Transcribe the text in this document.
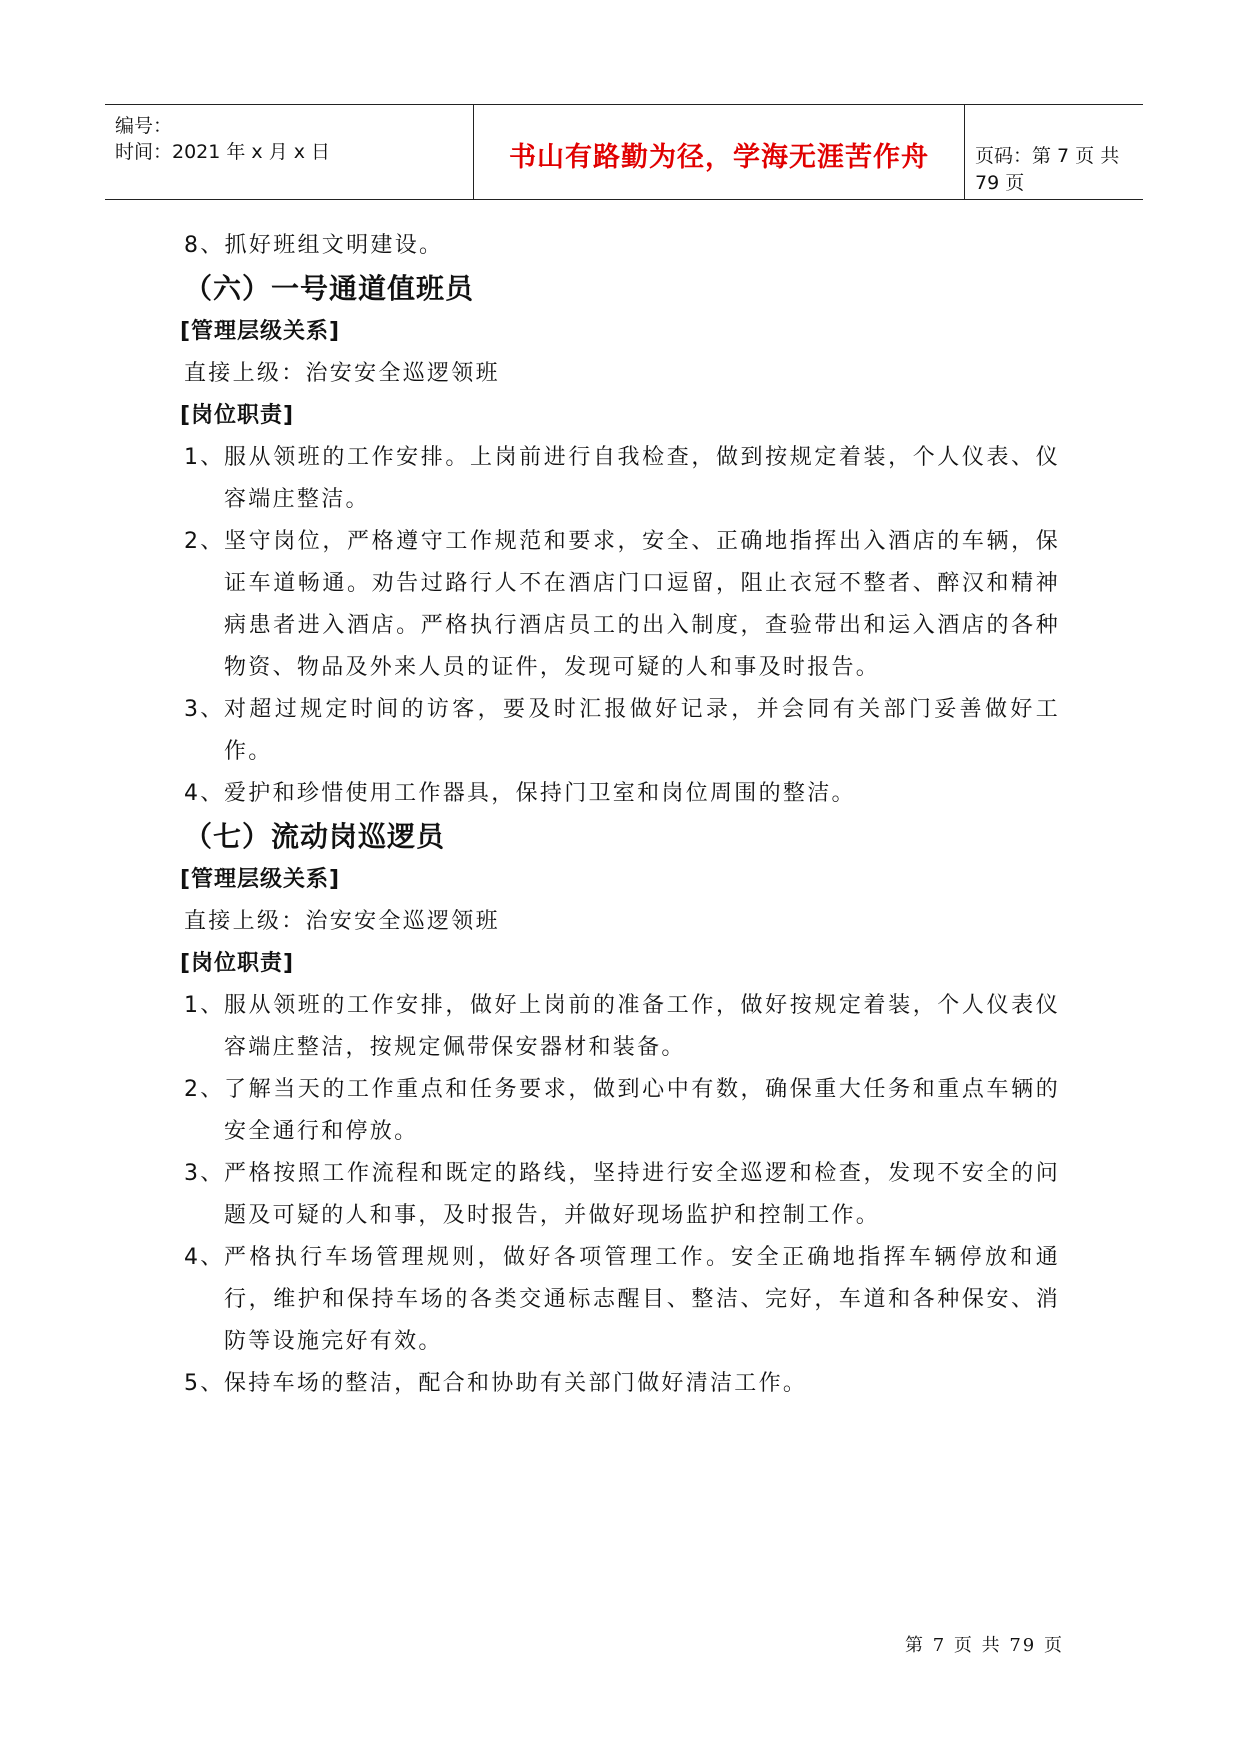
编号：
时间：2021 年 x 月 x 日	书山有路勤为径，学海无涯苦作舟	页码：第 7 页 共 79 页
8、抓好班组文明建设。
（六）一号通道值班员
[管理层级关系]
直接上级：治安安全巡逻领班
[岗位职责]
1、 服从领班的工作安排。上岗前进行自我检查，做到按规定着装，个人仪表、仪容端庄整洁。
2、 坚守岗位，严格遵守工作规范和要求，安全、正确地指挥出入酒店的车辆，保证车道畅通。劝告过路行人不在酒店门口逗留，阻止衣冠不整者、醉汉和精神病患者进入酒店。严格执行酒店员工的出入制度，查验带出和运入酒店的各种物资、物品及外来人员的证件，发现可疑的人和事及时报告。
3、 对超过规定时间的访客，要及时汇报做好记录，并会同有关部门妥善做好工作。
4、 爱护和珍惜使用工作器具，保持门卫室和岗位周围的整洁。
（七）流动岗巡逻员
[管理层级关系]
直接上级：治安安全巡逻领班
[岗位职责]
1、 服从领班的工作安排，做好上岗前的准备工作，做好按规定着装，个人仪表仪容端庄整洁，按规定佩带保安器材和装备。
2、 了解当天的工作重点和任务要求，做到心中有数，确保重大任务和重点车辆的安全通行和停放。
3、 严格按照工作流程和既定的路线，坚持进行安全巡逻和检查，发现不安全的问题及可疑的人和事，及时报告，并做好现场监护和控制工作。
4、 严格执行车场管理规则，做好各项管理工作。安全正确地指挥车辆停放和通行，维护和保持车场的各类交通标志醒目、整洁、完好，车道和各种保安、消防等设施完好有效。
5、 保持车场的整洁，配合和协助有关部门做好清洁工作。
第 7 页 共 79 页
